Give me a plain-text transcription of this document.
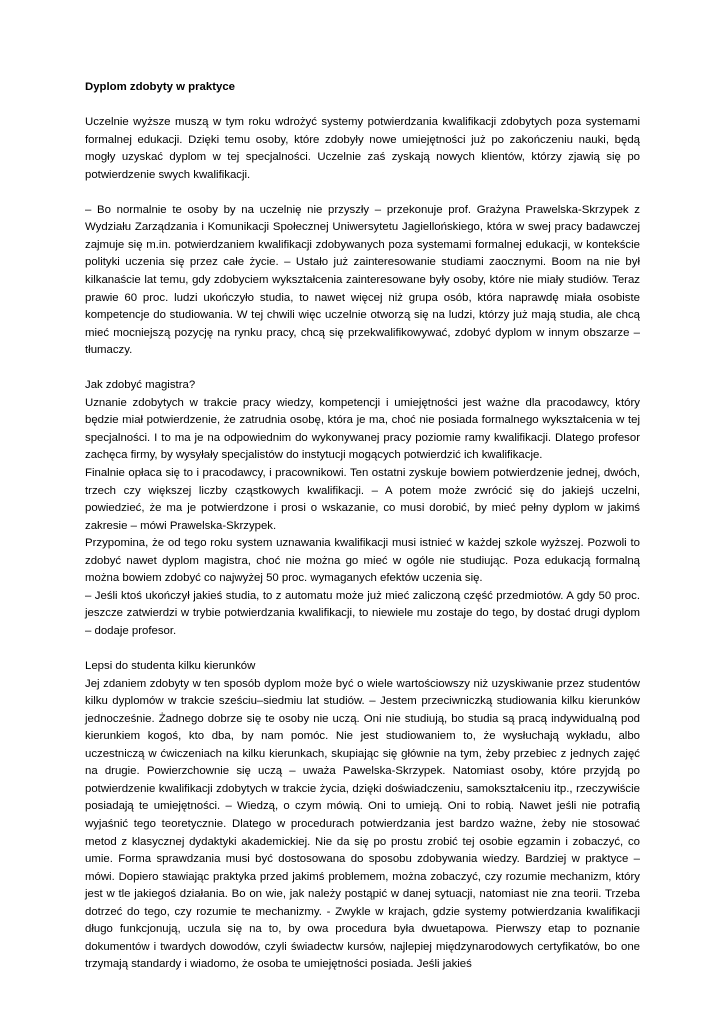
Dyplom zdobyty w praktyce

Uczelnie wyższe muszą w tym roku wdrożyć systemy potwierdzania kwalifikacji zdobytych poza systemami formalnej edukacji. Dzięki temu osoby, które zdobyły nowe umiejętności już po zakończeniu nauki, będą mogły uzyskać dyplom w tej specjalności. Uczelnie zaś zyskają nowych klientów, którzy zjawią się po potwierdzenie swych kwalifikacji.

– Bo normalnie te osoby by na uczelnię nie przyszły – przekonuje prof. Grażyna Prawelska-Skrzypek z Wydziału Zarządzania i Komunikacji Społecznej Uniwersytetu Jagiellońskiego, która w swej pracy badawczej zajmuje się m.in. potwierdzaniem kwalifikacji zdobywanych poza systemami formalnej edukacji, w kontekście polityki uczenia się przez całe życie. – Ustało już zainteresowanie studiami zaocznymi. Boom na nie był kilkanaście lat temu, gdy zdobyciem wykształcenia zainteresowane były osoby, które nie miały studiów. Teraz prawie 60 proc. ludzi ukończyło studia, to nawet więcej niż grupa osób, która naprawdę miała osobiste kompetencje do studiowania. W tej chwili więc uczelnie otworzą się na ludzi, którzy już mają studia, ale chcą mieć mocniejszą pozycję na rynku pracy, chcą się przekwalifikowywać, zdobyć dyplom w innym obszarze – tłumaczy.

Jak zdobyć magistra?

Uznanie zdobytych w trakcie pracy wiedzy, kompetencji i umiejętności jest ważne dla pracodawcy, który będzie miał potwierdzenie, że zatrudnia osobę, która je ma, choć nie posiada formalnego wykształcenia w tej specjalności. I to ma je na odpowiednim do wykonywanej pracy poziomie ramy kwalifikacji. Dlatego profesor zachęca firmy, by wysyłały specjalistów do instytucji mogących potwierdzić ich kwalifikacje.

Finalnie opłaca się to i pracodawcy, i pracownikowi. Ten ostatni zyskuje bowiem potwierdzenie jednej, dwóch, trzech czy większej liczby cząstkowych kwalifikacji. – A potem może zwrócić się do jakiejś uczelni, powiedzieć, że ma je potwierdzone i prosi o wskazanie, co musi dorobić, by mieć pełny dyplom w jakimś zakresie – mówi Prawelska-Skrzypek.

Przypomina, że od tego roku system uznawania kwalifikacji musi istnieć w każdej szkole wyższej. Pozwoli to zdobyć nawet dyplom magistra, choć nie można go mieć w ogóle nie studiując. Poza edukacją formalną można bowiem zdobyć co najwyżej 50 proc. wymaganych efektów uczenia się.

– Jeśli ktoś ukończył jakieś studia, to z automatu może już mieć zaliczoną część przedmiotów. A gdy 50 proc. jeszcze zatwierdzi w trybie potwierdzania kwalifikacji, to niewiele mu zostaje do tego, by dostać drugi dyplom – dodaje profesor.

Lepsi do studenta kilku kierunków

Jej zdaniem zdobyty w ten sposób dyplom może być o wiele wartościowszy niż uzyskiwanie przez studentów kilku dyplomów w trakcie sześciu–siedmiu lat studiów. – Jestem przeciwniczką studiowania kilku kierunków jednocześnie. Żadnego dobrze się te osoby nie uczą. Oni nie studiują, bo studia są pracą indywidualną pod kierunkiem kogoś, kto dba, by nam pomóc. Nie jest studiowaniem to, że wysłuchają wykładu, albo uczestniczą w ćwiczeniach na kilku kierunkach, skupiając się głównie na tym, żeby przebiec z jednych zajęć na drugie. Powierzchownie się uczą – uważa Pawelska-Skrzypek. Natomiast osoby, które przyjdą po potwierdzenie kwalifikacji zdobytych w trakcie życia, dzięki doświadczeniu, samokształceniu itp., rzeczywiście posiadają te umiejętności. – Wiedzą, o czym mówią. Oni to umieją. Oni to robią. Nawet jeśli nie potrafią wyjaśnić tego teoretycznie. Dlatego w procedurach potwierdzania jest bardzo ważne, żeby nie stosować metod z klasycznej dydaktyki akademickiej. Nie da się po prostu zrobić tej osobie egzamin i zobaczyć, co umie. Forma sprawdzania musi być dostosowana do sposobu zdobywania wiedzy. Bardziej w praktyce – mówi. Dopiero stawiając praktyka przed jakimś problemem, można zobaczyć, czy rozumie mechanizm, który jest w tle jakiegoś działania. Bo on wie, jak należy postąpić w danej sytuacji, natomiast nie zna teorii. Trzeba dotrzeć do tego, czy rozumie te mechanizmy. - Zwykle w krajach, gdzie systemy potwierdzania kwalifikacji długo funkcjonują, uczula się na to, by owa procedura była dwuetapowa. Pierwszy etap to poznanie dokumentów i twardych dowodów, czyli świadectw kursów, najlepiej międzynarodowych certyfikatów, bo one trzymają standardy i wiadomo, że osoba te umiejętności posiada. Jeśli jakieś
